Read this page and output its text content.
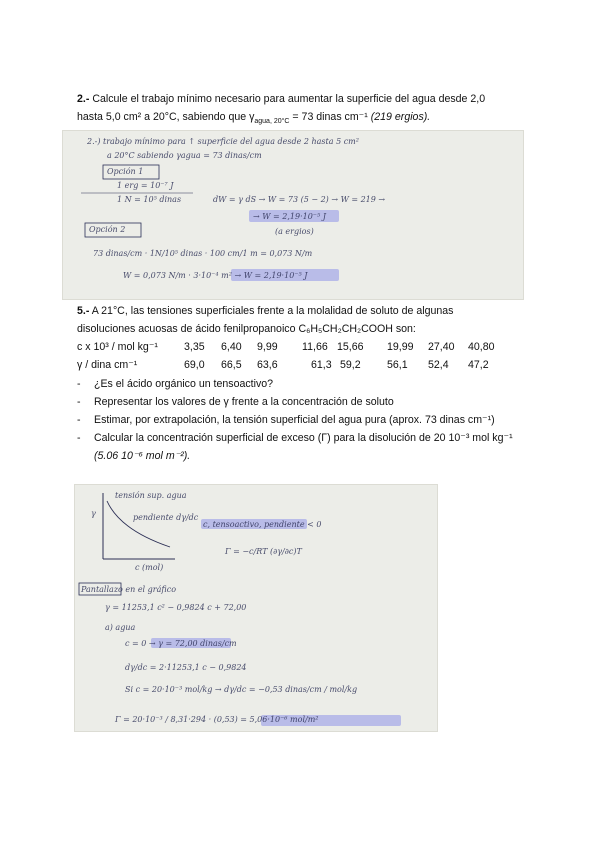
2.- Calcule el trabajo mínimo necesario para aumentar la superficie del agua desde 2,0
hasta 5,0 cm² a 20°C, sabiendo que $\gamma_{agua, 20^\circ C} = 73$ dinas cm⁻¹ (219 ergios).
2.-) trabajo mínimo para ↑ superficie del agua desde 2 hasta 5 cm²
a 20°C sabiendo γagua = 73 dinas/cm
Opción 1
1 erg = 10⁻⁷ J
1 N = 10⁵ dinas	dW = γ dS → W = 73 (5 − 2) → W = 219 →
→ W = 2,19·10⁻⁵ J
(a ergios)
Opción 2
73 dinas/cm · 1N/10⁵ dinas · 100 cm/1 m = 0,073 N/m
W = 0,073 N/m · 3·10⁻⁴ m² → W = 2,19·10⁻⁵ J
5.- A 21°C, las tensiones superficiales frente a la molalidad de soluto de algunas
disoluciones acuosas de ácido fenilpropanoico C₆H₅CH₂CH₂COOH son:
c x 10³ / mol kg⁻¹ 3,35 6,40 9,99 11,66 15,66 19,99 27,40 40,80
γ / dina cm⁻¹	69,0 66,5 63,6	61,3 59,2 56,1 52,4 47,2
- ¿Es el ácido orgánico un tensoactivo?
- Representar los valores de γ frente a la concentración de soluto
- Estimar, por extrapolación, la tensión superficial del agua pura (aprox. 73 dinas cm⁻¹)
- Calcular la concentración superficial de exceso (Γ) para la disolución de 20 10⁻³ mol kg⁻¹
(5.06 10⁻⁶ mol m⁻²).
tensión sup. agua
γ	pendiente dγ/dc
c, tensoactivo, pendiente < 0
Γ = −c/RT (∂γ/∂c)T
c (mol)
Pantallazo en el gráfico
γ = 11253,1 c² − 0,9824 c + 72,00
a) agua
c = 0 → γ = 72,00 dinas/cm
dγ/dc = 2·11253,1 c − 0,9824
Si c = 20·10⁻³ mol/kg → dγ/dc = −0,53 dinas/cm / mol/kg
Γ = 20·10⁻³ / 8,31·294 · (0,53) = 5,06·10⁻⁶ mol/m²
